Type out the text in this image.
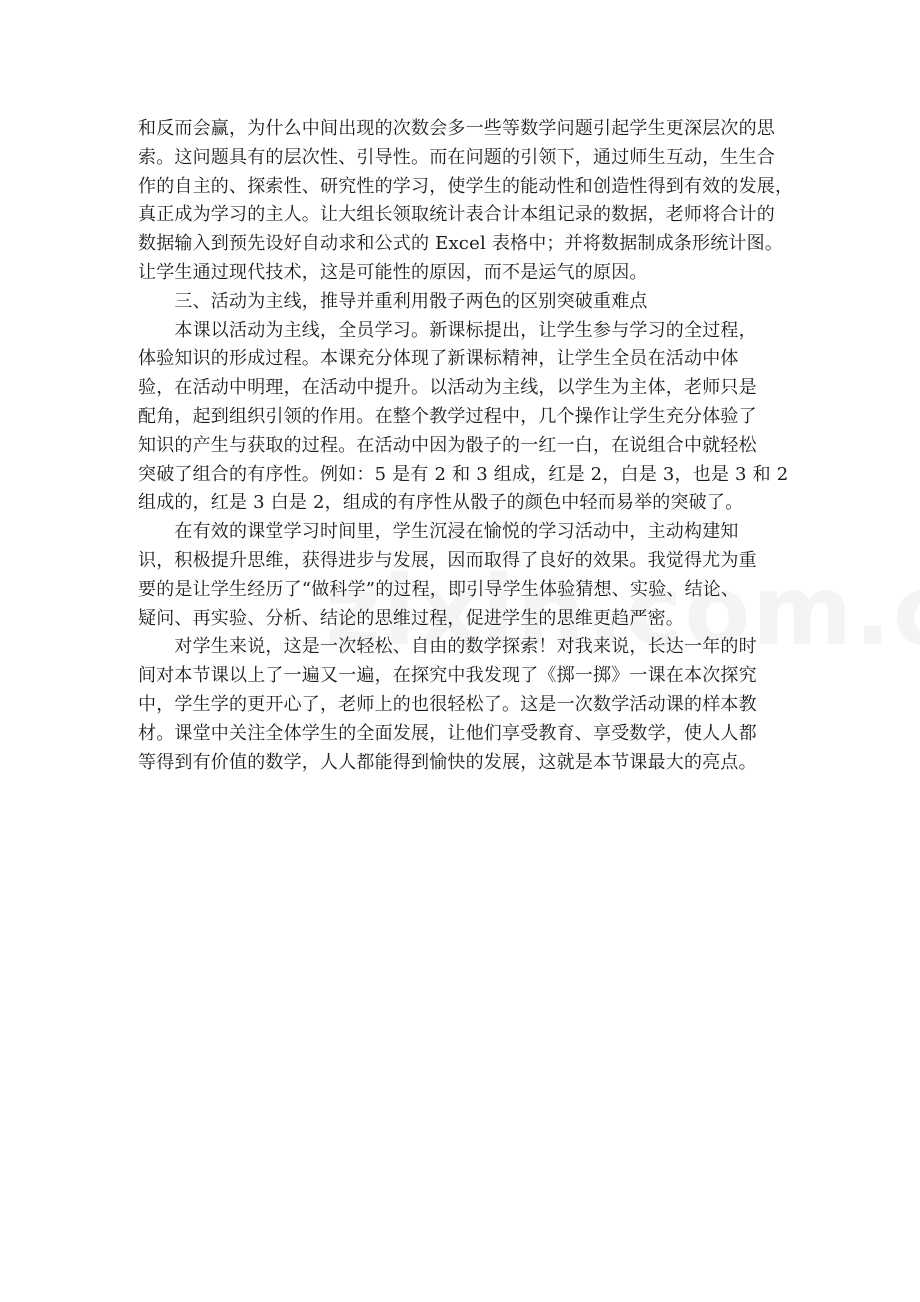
和反而会赢，为什么中间出现的次数会多一些等数学问题引起学生更深层次的思
索。这问题具有的层次性、引导性。而在问题的引领下，通过师生互动，生生合
作的自主的、探索性、研究性的学习，使学生的能动性和创造性得到有效的发展，
真正成为学习的主人。让大组长领取统计表合计本组记录的数据，老师将合计的
数据输入到预先设好自动求和公式的 Excel 表格中；并将数据制成条形统计图。
让学生通过现代技术，这是可能性的原因，而不是运气的原因。
　　三、活动为主线，推导并重利用骰子两色的区别突破重难点
　　本课以活动为主线，全员学习。新课标提出，让学生参与学习的全过程，
体验知识的形成过程。本课充分体现了新课标精神，让学生全员在活动中体
验，在活动中明理，在活动中提升。以活动为主线，以学生为主体，老师只是
配角，起到组织引领的作用。在整个教学过程中，几个操作让学生充分体验了
知识的产生与获取的过程。在活动中因为骰子的一红一白，在说组合中就轻松
突破了组合的有序性。例如：5 是有 2 和 3 组成，红是 2，白是 3，也是 3 和 2
组成的，红是 3 白是 2，组成的有序性从骰子的颜色中轻而易举的突破了。
　　在有效的课堂学习时间里，学生沉浸在愉悦的学习活动中，主动构建知
识，积极提升思维，获得进步与发展，因而取得了良好的效果。我觉得尤为重
要的是让学生经历了“做科学”的过程，即引导学生体验猜想、实验、结论、
疑问、再实验、分析、结论的思维过程，促进学生的思维更趋严密。
　　对学生来说，这是一次轻松、自由的数学探索！对我来说，长达一年的时
间对本节课以上了一遍又一遍，在探究中我发现了《掷一掷》一课在本次探究
中，学生学的更开心了，老师上的也很轻松了。这是一次数学活动课的样本教
材。课堂中关注全体学生的全面发展，让他们享受教育、享受数学，使人人都
等得到有价值的数学，人人都能得到愉快的发展，这就是本节课最大的亮点。
